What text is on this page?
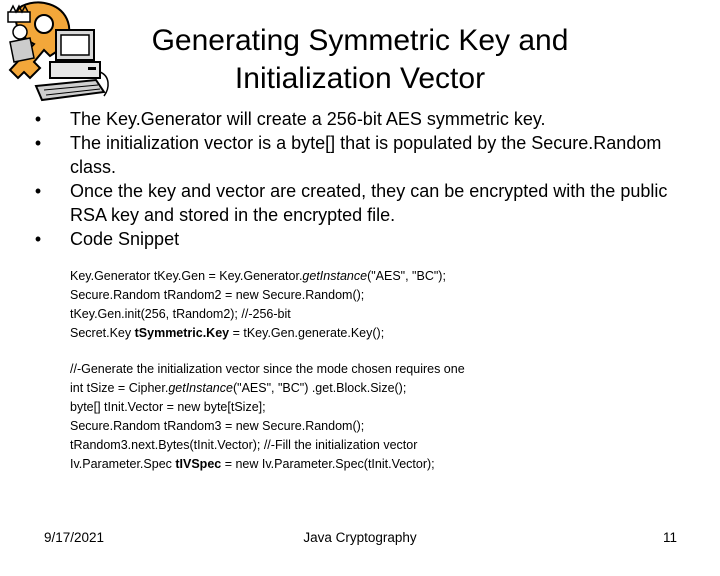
Generating Symmetric Key and
Initialization Vector
•	The Key.Generator will create a 256-bit AES symmetric key.
•	The initialization vector is a byte[] that is populated by the Secure.Random class.
•	Once the key and vector are created, they can be encrypted with the public RSA key and stored in the encrypted file.
•	Code Snippet
Key.Generator tKey.Gen = Key.Generator.getInstance("AES", "BC");
Secure.Random tRandom2 = new Secure.Random();
tKey.Gen.init(256, tRandom2); //-256-bit
Secret.Key tSymmetric.Key = tKey.Gen.generate.Key();
//-Generate the initialization vector since the mode chosen requires one
int tSize = Cipher.getInstance("AES", "BC") .get.Block.Size();
byte[] tInit.Vector = new byte[tSize];
Secure.Random tRandom3 = new Secure.Random();
tRandom3.next.Bytes(tInit.Vector); //-Fill the initialization vector
Iv.Parameter.Spec tIVSpec = new Iv.Parameter.Spec(tInit.Vector);
9/17/2021	Java Cryptography	11
